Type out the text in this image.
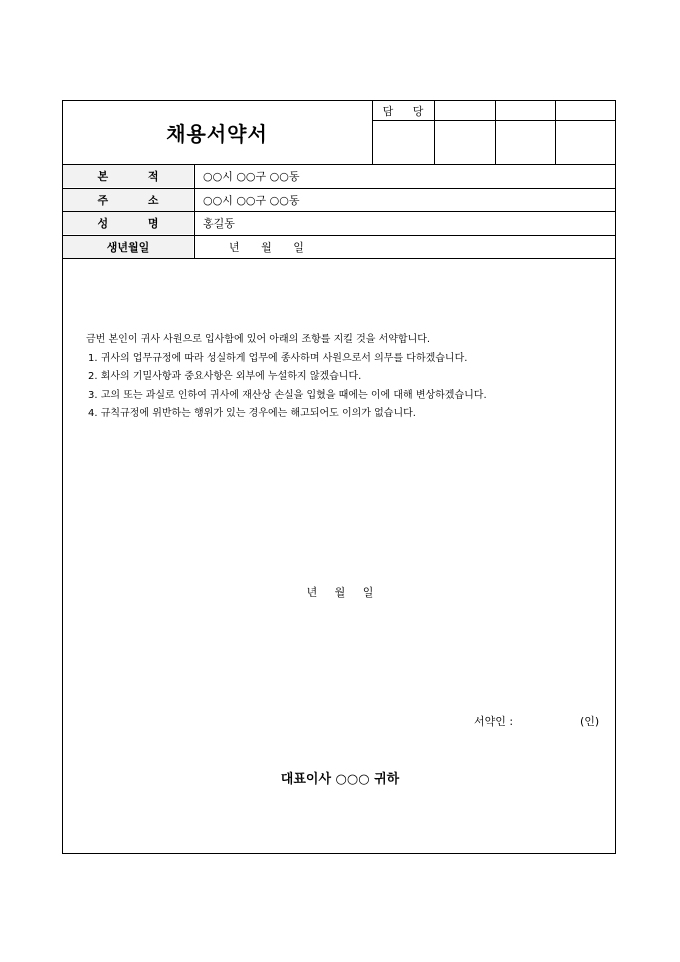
채용서약서
담 당
본 적	○○시 ○○구 ○○동
주 소	○○시 ○○구 ○○동
성 명	홍길동
생년월일	년 월 일
금번 본인이 귀사 사원으로 입사함에 있어 아래의 조항를 지킬 것을 서약합니다.
1. 귀사의 업무규정에 따라 성실하게 업무에 종사하며 사원으로서 의무를 다하겠습니다.
2. 회사의 기밀사항과 중요사항은 외부에 누설하지 않겠습니다.
3. 고의 또는 과실로 인하여 귀사에 재산상 손실을 입혔을 때에는 이에 대해 변상하겠습니다.
4. 규칙규정에 위반하는 행위가 있는 경우에는 해고되어도 이의가 없습니다.
년 월 일
서약인 :	(인)
대표이사 ○○○ 귀하
